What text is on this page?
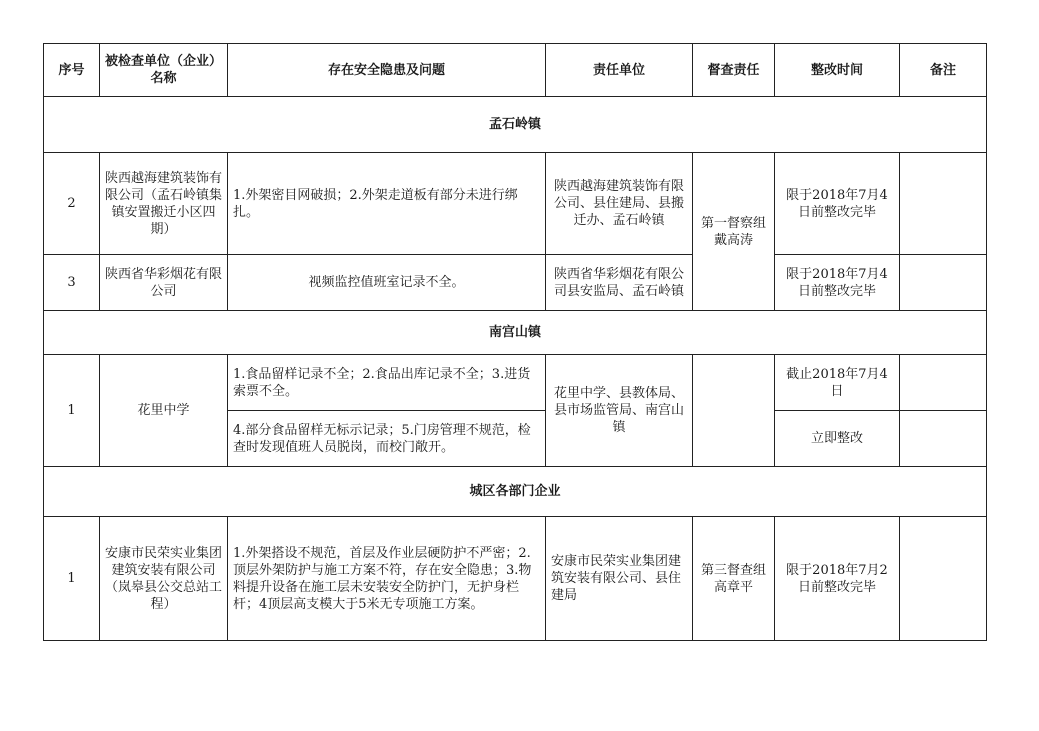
序号	被检查单位（企业）名称	存在安全隐患及问题	责任单位	督查责任	整改时间	备注
孟石岭镇						
2	陕西越海建筑装饰有限公司（孟石岭镇集镇安置搬迁小区四期）	1.外架密目网破损；2.外架走道板有部分未进行绑扎。	陕西越海建筑装饰有限公司、县住建局、县搬迁办、孟石岭镇	第一督察组戴高涛	限于2018年7月4日前整改完毕	
3	陕西省华彩烟花有限公司	视频监控值班室记录不全。	陕西省华彩烟花有限公司县安监局、孟石岭镇		限于2018年7月4日前整改完毕	
南宫山镇						
1	花里中学	1.食品留样记录不全；2.食品出库记录不全；3.进货索票不全。	花里中学、县教体局、县市场监管局、南宫山镇		截止2018年7月4日	
		4.部分食品留样无标示记录；5.门房管理不规范，检查时发现值班人员脱岗，而校门敞开。			立即整改	
城区各部门企业						
1	安康市民荣实业集团建筑安装有限公司（岚皋县公交总站工程）	1.外架搭设不规范，首层及作业层硬防护不严密；2.顶层外架防护与施工方案不符，存在安全隐患；3.物料提升设备在施工层未安装安全防护门，无护身栏杆；4顶层高支模大于5米无专项施工方案。	安康市民荣实业集团建筑安装有限公司、县住建局	第三督查组高章平	限于2018年7月2日前整改完毕	
